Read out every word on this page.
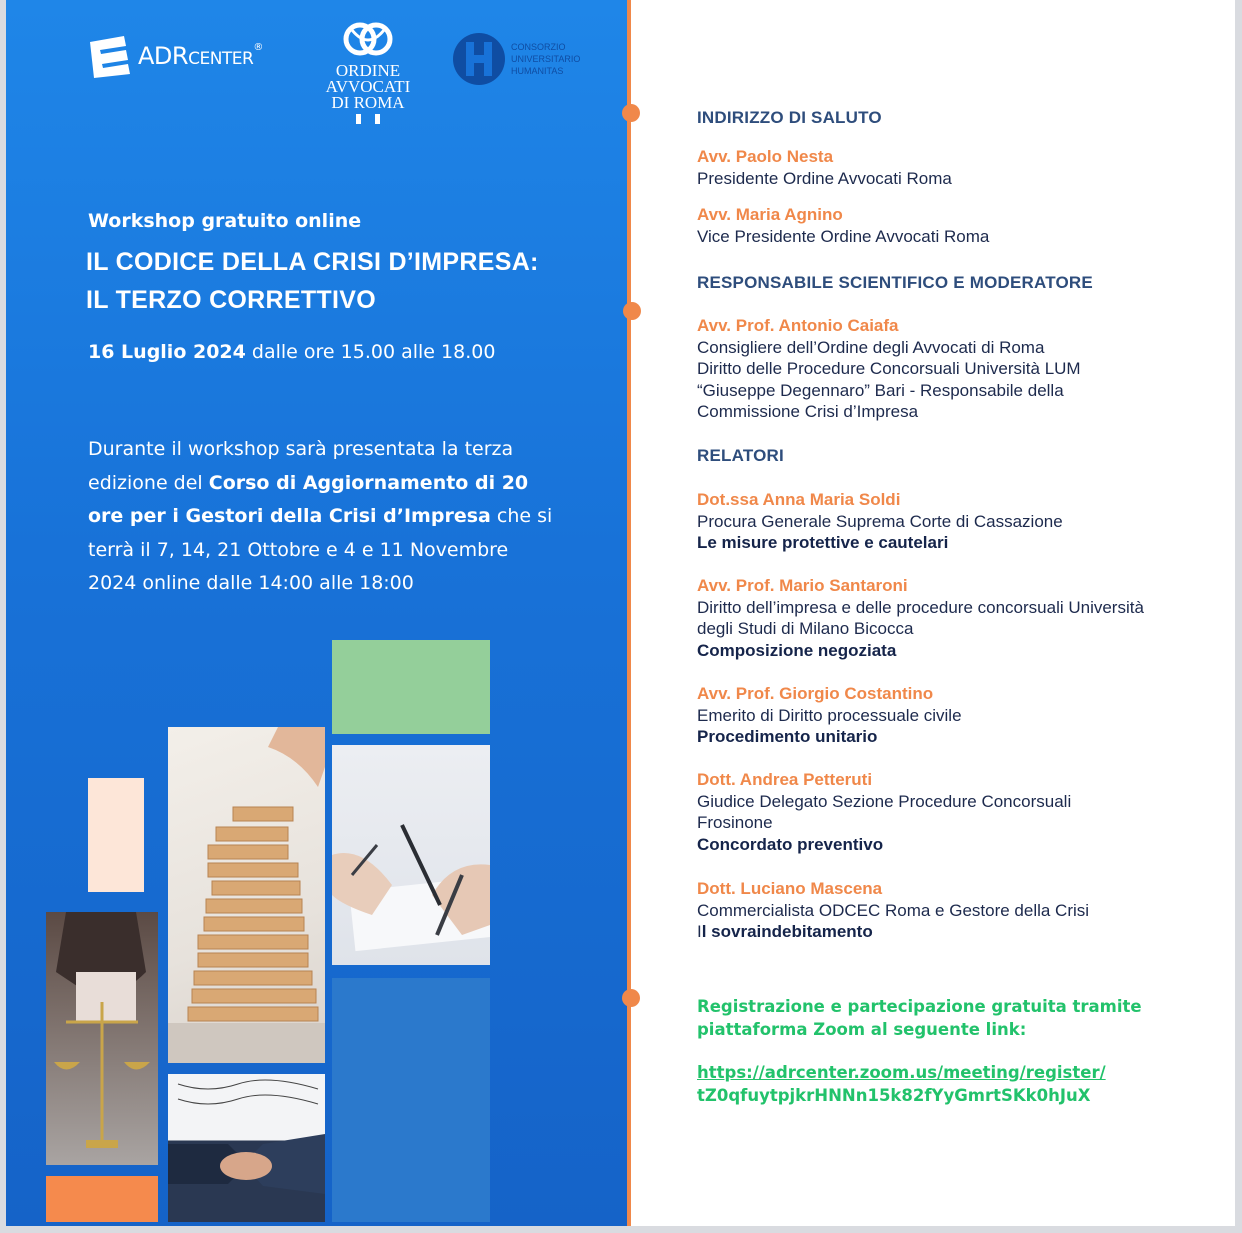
ADRCENTER®
ORDINE
AVVOCATI
DI ROMA
CONSORZIO
UNIVERSITARIO
HUMANITAS
Workshop gratuito online
IL CODICE DELLA CRISI D’IMPRESA:
IL TERZO CORRETTIVO
16 Luglio 2024 dalle ore 15.00 alle 18.00
Durante il workshop sarà presentata la terza edizione del Corso di Aggiornamento di 20 ore per i Gestori della Crisi d’Impresa che si terrà il 7, 14, 21 Ottobre e 4 e 11 Novembre 2024 online dalle 14:00 alle 18:00
INDIRIZZO DI SALUTO
Avv. Paolo Nesta
Presidente Ordine Avvocati Roma
Avv. Maria Agnino
Vice Presidente Ordine Avvocati Roma
RESPONSABILE SCIENTIFICO E MODERATORE
Avv. Prof. Antonio Caiafa
Consigliere dell’Ordine degli Avvocati di Roma
Diritto delle Procedure Concorsuali Università LUM
“Giuseppe Degennaro” Bari - Responsabile della
Commissione Crisi d’Impresa
RELATORI
Dot.ssa Anna Maria Soldi
Procura Generale Suprema Corte di Cassazione
Le misure protettive e cautelari
Avv. Prof. Mario Santaroni
Diritto dell’impresa e delle procedure concorsuali Università
degli Studi di Milano Bicocca
Composizione negoziata
Avv. Prof. Giorgio Costantino
Emerito di Diritto processuale civile
Procedimento unitario
Dott. Andrea Petteruti
Giudice Delegato Sezione Procedure Concorsuali
Frosinone
Concordato preventivo
Dott. Luciano Mascena
Commercialista ODCEC Roma e Gestore della Crisi
Il sovraindebitamento
Registrazione e partecipazione gratuita tramite
piattaforma Zoom al seguente link:
https://adrcenter.zoom.us/meeting/register/
tZ0qfuytpjkrHNNn15k82fYyGmrtSKk0hJuX
